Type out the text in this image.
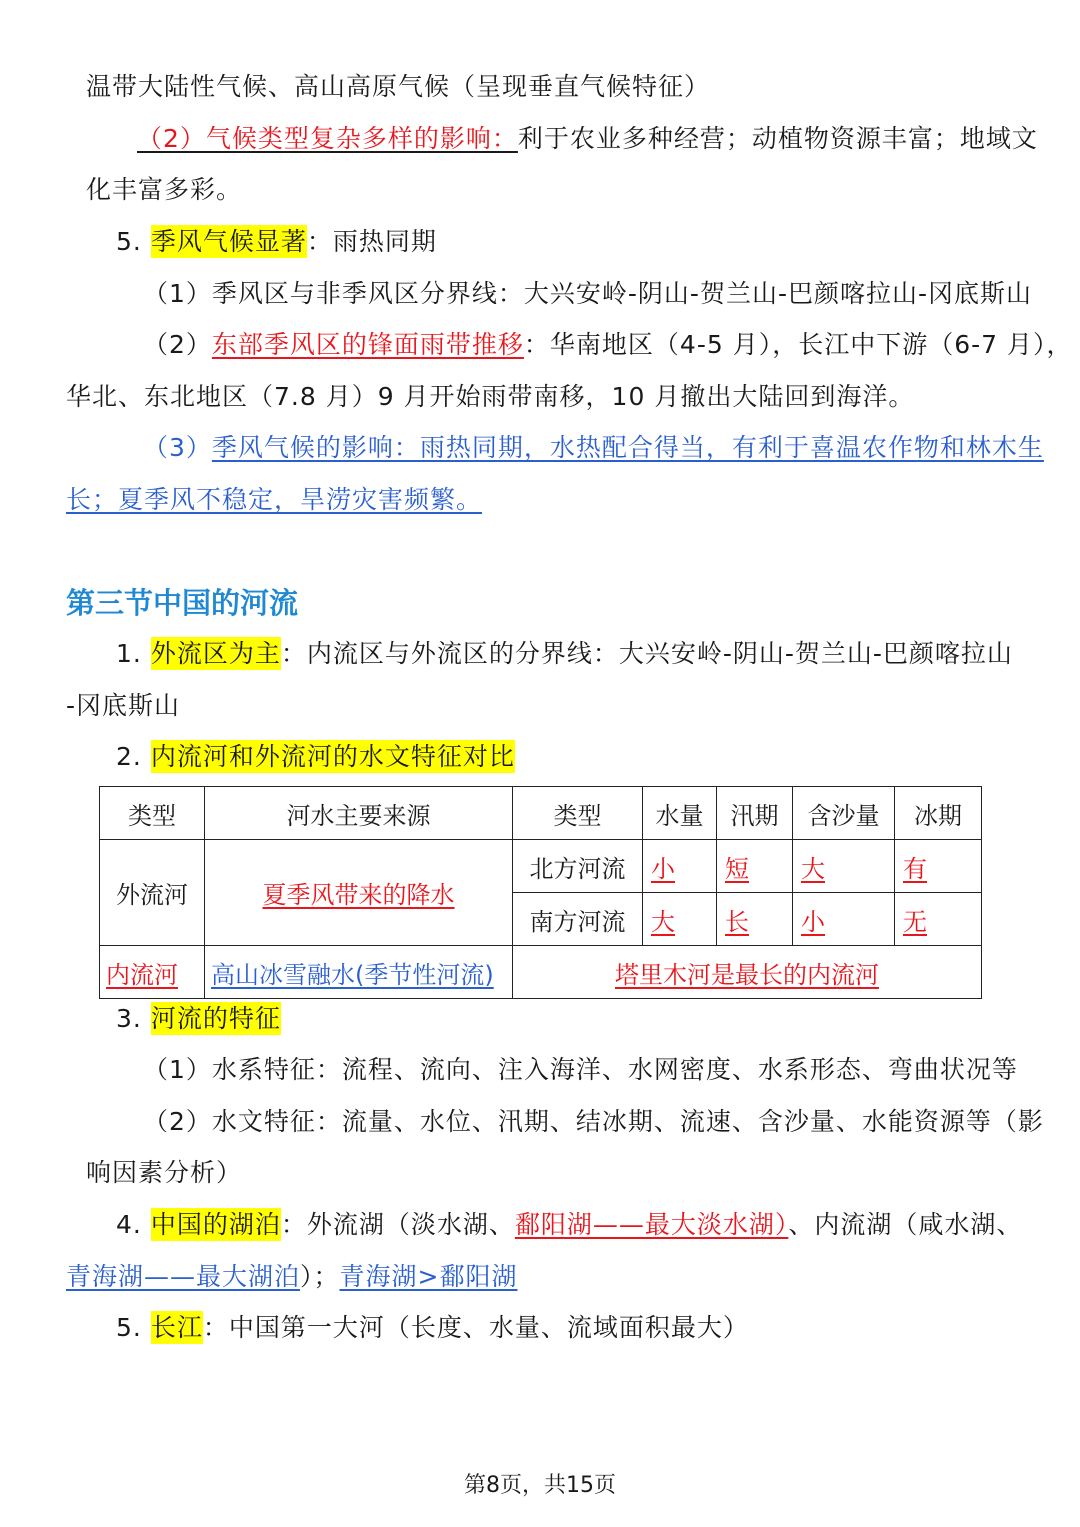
温带大陆性气候、高山高原气候（呈现垂直气候特征）
（2）气候类型复杂多样的影响：利于农业多种经营；动植物资源丰富；地域文
化丰富多彩。
5. 季风气候显著：雨热同期
（1）季风区与非季风区分界线：大兴安岭-阴山-贺兰山-巴颜喀拉山-冈底斯山
（2）东部季风区的锋面雨带推移：华南地区（4-5 月），长江中下游（6-7 月），
华北、东北地区（7.8 月）9 月开始雨带南移，10 月撤出大陆回到海洋。
（3）季风气候的影响：雨热同期，水热配合得当，有利于喜温农作物和林木生
长；夏季风不稳定，旱涝灾害频繁。
第三节中国的河流
1. 外流区为主：内流区与外流区的分界线：大兴安岭-阴山-贺兰山-巴颜喀拉山
-冈底斯山
2. 内流河和外流河的水文特征对比
类型	河水主要来源	类型	水量	汛期	含沙量	冰期
外流河	夏季风带来的降水	北方河流	小	短	大	有
		南方河流	大	长	小	无
内流河	高山冰雪融水(季节性河流)	塔里木河是最长的内流河				
3. 河流的特征
（1）水系特征：流程、流向、注入海洋、水网密度、水系形态、弯曲状况等
（2）水文特征：流量、水位、汛期、结冰期、流速、含沙量、水能资源等（影
响因素分析）
4. 中国的湖泊：外流湖（淡水湖、鄱阳湖——最大淡水湖）、内流湖（咸水湖、
青海湖——最大湖泊）；青海湖>鄱阳湖
5. 长江：中国第一大河（长度、水量、流域面积最大）
第8页，共15页
